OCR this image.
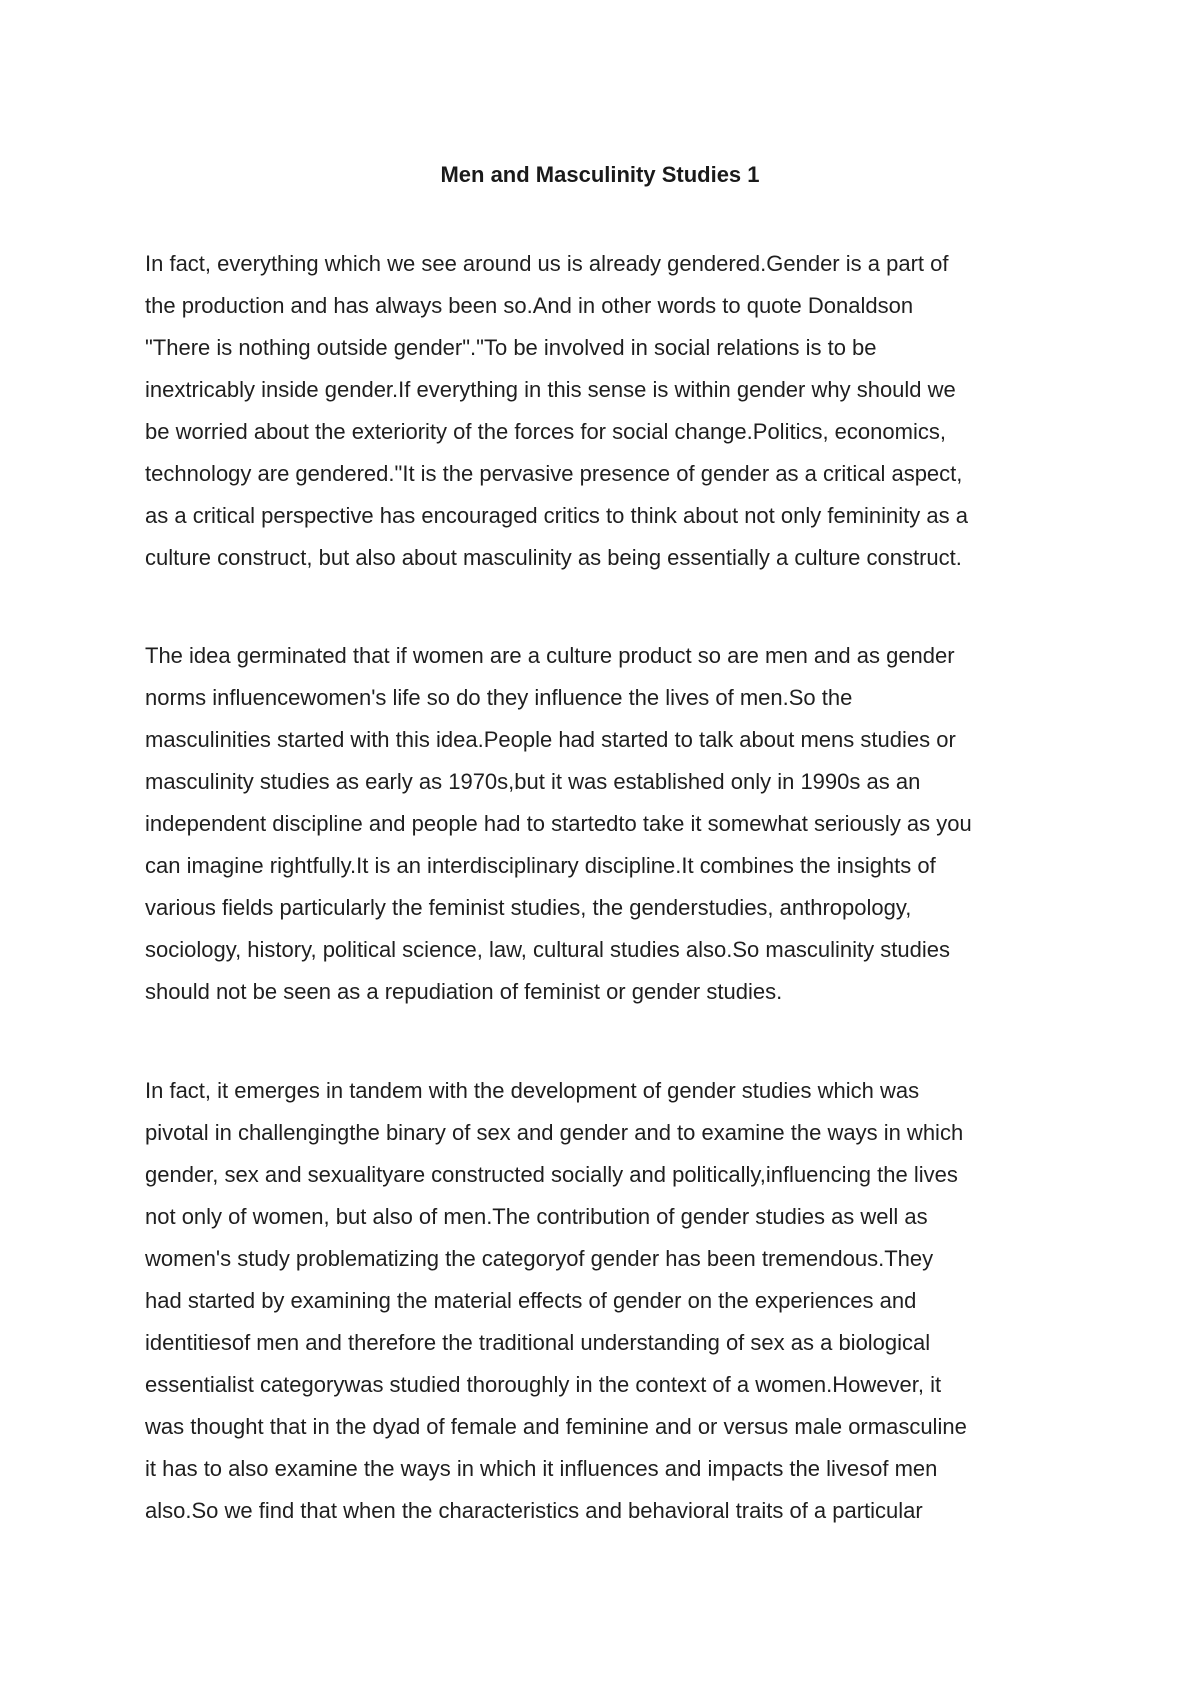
Men and Masculinity Studies 1

In fact, everything which we see around us is already gendered.Gender is a part of
the production and has always been so.And in other words to quote Donaldson
"There is nothing outside gender"."To be involved in social relations is to be
inextricably inside gender.If everything in this sense is within gender why should we
be worried about the exteriority of the forces for social change.Politics, economics,
technology are gendered."It is the pervasive presence of gender as a critical aspect,
as a critical perspective has encouraged critics to think about not only femininity as a
culture construct, but also about masculinity as being essentially a culture construct.

The idea germinated that if women are a culture product so are men and as gender
norms influencewomen's life so do they influence the lives of men.So the
masculinities started with this idea.People had started to talk about mens studies or
masculinity studies as early as 1970s,but it was established only in 1990s as an
independent discipline and people had to startedto take it somewhat seriously as you
can imagine rightfully.It is an interdisciplinary discipline.It combines the insights of
various fields particularly the feminist studies, the genderstudies, anthropology,
sociology, history, political science, law, cultural studies also.So masculinity studies
should not be seen as a repudiation of feminist or gender studies.

In fact, it emerges in tandem with the development of gender studies which was
pivotal in challengingthe binary of sex and gender and to examine the ways in which
gender, sex and sexualityare constructed socially and politically,influencing the lives
not only of women, but also of men.The contribution of gender studies as well as
women's study problematizing the categoryof gender has been tremendous.They
had started by examining the material effects of gender on the experiences and
identitiesof men and therefore the traditional understanding of sex as a biological
essentialist categorywas studied thoroughly in the context of a women.However, it
was thought that in the dyad of female and feminine and or versus male ormasculine
it has to also examine the ways in which it influences and impacts the livesof men
also.So we find that when the characteristics and behavioral traits of a particular
